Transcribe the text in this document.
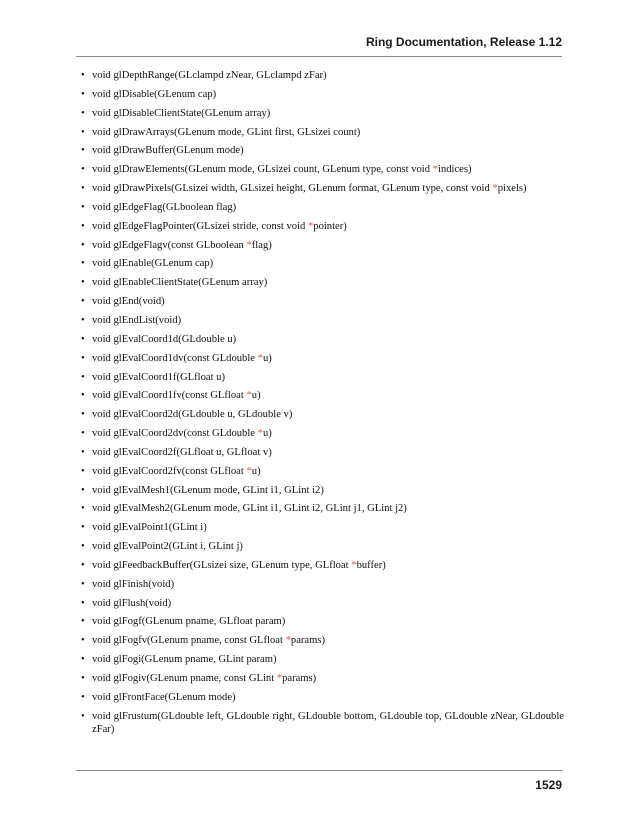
Ring Documentation, Release 1.12
• void glDepthRange(GLclampd zNear, GLclampd zFar)
• void glDisable(GLenum cap)
• void glDisableClientState(GLenum array)
• void glDrawArrays(GLenum mode, GLint first, GLsizei count)
• void glDrawBuffer(GLenum mode)
• void glDrawElements(GLenum mode, GLsizei count, GLenum type, const void *indices)
• void glDrawPixels(GLsizei width, GLsizei height, GLenum format, GLenum type, const void *pixels)
• void glEdgeFlag(GLboolean flag)
• void glEdgeFlagPointer(GLsizei stride, const void *pointer)
• void glEdgeFlagv(const GLboolean *flag)
• void glEnable(GLenum cap)
• void glEnableClientState(GLenum array)
• void glEnd(void)
• void glEndList(void)
• void glEvalCoord1d(GLdouble u)
• void glEvalCoord1dv(const GLdouble *u)
• void glEvalCoord1f(GLfloat u)
• void glEvalCoord1fv(const GLfloat *u)
• void glEvalCoord2d(GLdouble u, GLdouble v)
• void glEvalCoord2dv(const GLdouble *u)
• void glEvalCoord2f(GLfloat u, GLfloat v)
• void glEvalCoord2fv(const GLfloat *u)
• void glEvalMesh1(GLenum mode, GLint i1, GLint i2)
• void glEvalMesh2(GLenum mode, GLint i1, GLint i2, GLint j1, GLint j2)
• void glEvalPoint1(GLint i)
• void glEvalPoint2(GLint i, GLint j)
• void glFeedbackBuffer(GLsizei size, GLenum type, GLfloat *buffer)
• void glFinish(void)
• void glFlush(void)
• void glFogf(GLenum pname, GLfloat param)
• void glFogfv(GLenum pname, const GLfloat *params)
• void glFogi(GLenum pname, GLint param)
• void glFogiv(GLenum pname, const GLint *params)
• void glFrontFace(GLenum mode)
• void glFrustum(GLdouble left, GLdouble right, GLdouble bottom, GLdouble top, GLdouble zNear, GLdouble zFar)
1529
